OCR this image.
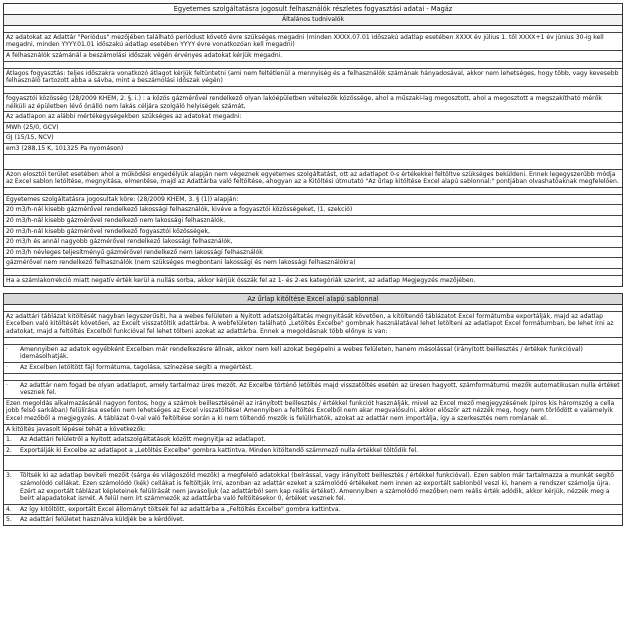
Egyetemes szolgáltatásra jogosult felhasználók részletes fogyasztási adatai - Magáz
Általános tudnivalók
Az adatokat az Adattár "Periódus" mezőjében található periódust követő évre szükséges megadni (minden XXXX.07.01 időszakú adatlap esetében XXXX év július 1. től XXXX+1 év június 30-ig kell megadni, minden YYYY.01.01 időszakú adatlap esetében YYYY évre vonatkozóan kell megadni)
A felhasználók számánál a beszámolási időszak végén érvényes adatokat kérjük megadni.
Átlagos fogyasztás: teljes időszakra vonatkozó átlagot kérjük feltüntetni (ami nem feltétlenül a mennyiség és a felhasználók számának hányadosával, akkor nem lehetséges, hogy több, vagy kevesebb felhasználó tartozott abba a sávba, mint a beszámolási időszak végén)
fogyasztói közösség (28/2009 KHEM, 2. §. i.) : a közös gázmérővel rendelkező olyan lakóépületben vételezők közössége, ahol a műszaki-lag megosztott, ahol a megosztott a megszakítható mérők nélküli az épületben lévő önálló nem lakás céljára szolgáló helyiségek számát,
Az adatlapon az alábbi mértékegységekben szükséges az adatokat megadni:
MWh (25/0, GCV)
GJ (15/15, NCV)
em3 (288,15 K, 101325 Pa nyomáson)
Azon elosztói terület esetében ahol a működési engedélyük alapján nem végeznek egyetemes szolgáltatást, ott az adatlapot 0-s értékekkel feltöltve szükséges beküldeni. Ennek legegyszerűbb módja az Excel sablon letöltése, megnyitása, elmentése, majd az Adattárba való feltöltése, ahogyan az a Kitöltési útmutató "Az űrlap kitöltése Excel alapú sablonnal:" pontjában olvashatóaknak megfelelően.
Egyetemes szolgáltatásra jogosultak köre: (28/2009 KHEM, 3. § (1)) alapján:
20 m3/h-nál kisebb gázmérővel rendelkező lakossági felhasználók, kivéve a fogyasztói közösségeket, (1. szekció)
20 m3/h-nál kisebb gázmérővel rendelkező nem lakossági felhasználók.
20 m3/h-nál kisebb gázmérővel rendelkező fogyasztói közösségek,
20 m3/h és annál nagyobb gázmérővel rendelkező lakossági felhasználók,
20 m3/h névleges teljesítményű gázmérővel rendelkező nem lakossági felhasználók
gázmérővel nem rendelkező felhasználók (nem szükséges megbontani lakossági és nem lakossági felhasználókra)
Ha a számlakorrekció miatt negatív érték kerül a nullás sorba, akkor kérjük összák fel az 1- és 2-es kategóriák szerint, az adatlap Megjegyzés mezőjében.
Az űrlap kitöltése Excel alapú sablonnal
Az adattári táblázat kitöltését nagyban legyszerűsíti, ha a webes felületen a Nyitott adatszolgáltatás megnyitását követően, a kitöltendő táblázatot Excel formátumba exportálják, majd az adatlap Excelben való kitöltését követően, az Excelt visszatöltik adattárba. A webfelületen található „Letöltés Excelbe" gombnak használatával lehet letölteni az adatlapot Excel formátumban, be lehet írni az adatokat, majd a feltöltés Excelből funkcióval fel lehet tölteni azokat az adattárba. Ennek a megoldásnak több előnye is van:
·	Amennyiben az adatok egyébként Excelben már rendelkezésre állnak, akkor nem kell azokat begépelni a webes felületen, hanem másolással (irányított beillesztés / értékek funkcióval) idemásolhatják.
·	Az Excelben letöltött fájl formátuma, tagolása, színezése segíti a megértést.
·	Az adattár nem fogad be olyan adatlapot, amely tartalmaz üres mezőt. Az Excelbe történő letöltés majd visszatöltés esetén az üresen hagyott, számformátumú mezők automatikusan nulla értéket vesznek fel.
Ezen megoldás alkalmazásánál nagyon fontos, hogy a számok beillesztésénél az irányított beillesztés / értékkel funkciót használják, mivel az Excel mező megjegyzésének (piros kis háromszög a cella jobb felső sarkában) felülírása esetén nem lehetséges az Excel visszatöltése! Amennyiben a feltöltés Excelből nem akar megvalósulni, akkor először azt nézzék meg, hogy nem törlődött e valamelyik Excel mezőből a megjegyzés. A táblázat 0-val való feltöltése során a ki nem töltendő mezők is felülírhatók, azokat az adattár nem importálja, így a szerkesztés nem romlanak el.
A kitöltés javasolt lépései tehát a következők:
1.	Az Adattári felületről a Nyitott adatszolgáltatások között megnyitja az adatlapot.
2.	Exportálják ki Excelbe az adatlapot a „Letöltés Excelbe" gombra kattintva. Minden kitöltendő számmező nulla értékkel töltődik fel.
3.	Töltsék ki az adatlap beviteli mezőit (sárga és világoszöld mezők) a megfelelő adatokkal (beírással, vagy irányított beillesztés / értékkel funkcióval). Ezen sablon már tartalmazza a munkát segítő számolódó cellákat. Ezen számolódó (kék) cellákat is feltöltják írni, azonban az adattár ezeket a számolódó értékeket nem innen az exportált sablonból veszi ki, hanem a rendszer számolja újra. Ezért az exportált táblázat képleteinek felülírását nem javasoljuk (az adattárból sem kap reális értéket). Amennyiben a számolódó mezőben nem reális érték adódik, akkor kérjük, nézzék meg a beírt alapadatokat ismét. A felül nem írt számmezők az adattárba való feltöltésekor 0, értéket vesznek fel.
4.	Az így kitöltött, exportált Excel állományt töltsék fel az adattárba a „Feltöltés Excelbe" gombra kattintva.
5.	Az adattári felületet használva küldjék be a kérdőívet.
